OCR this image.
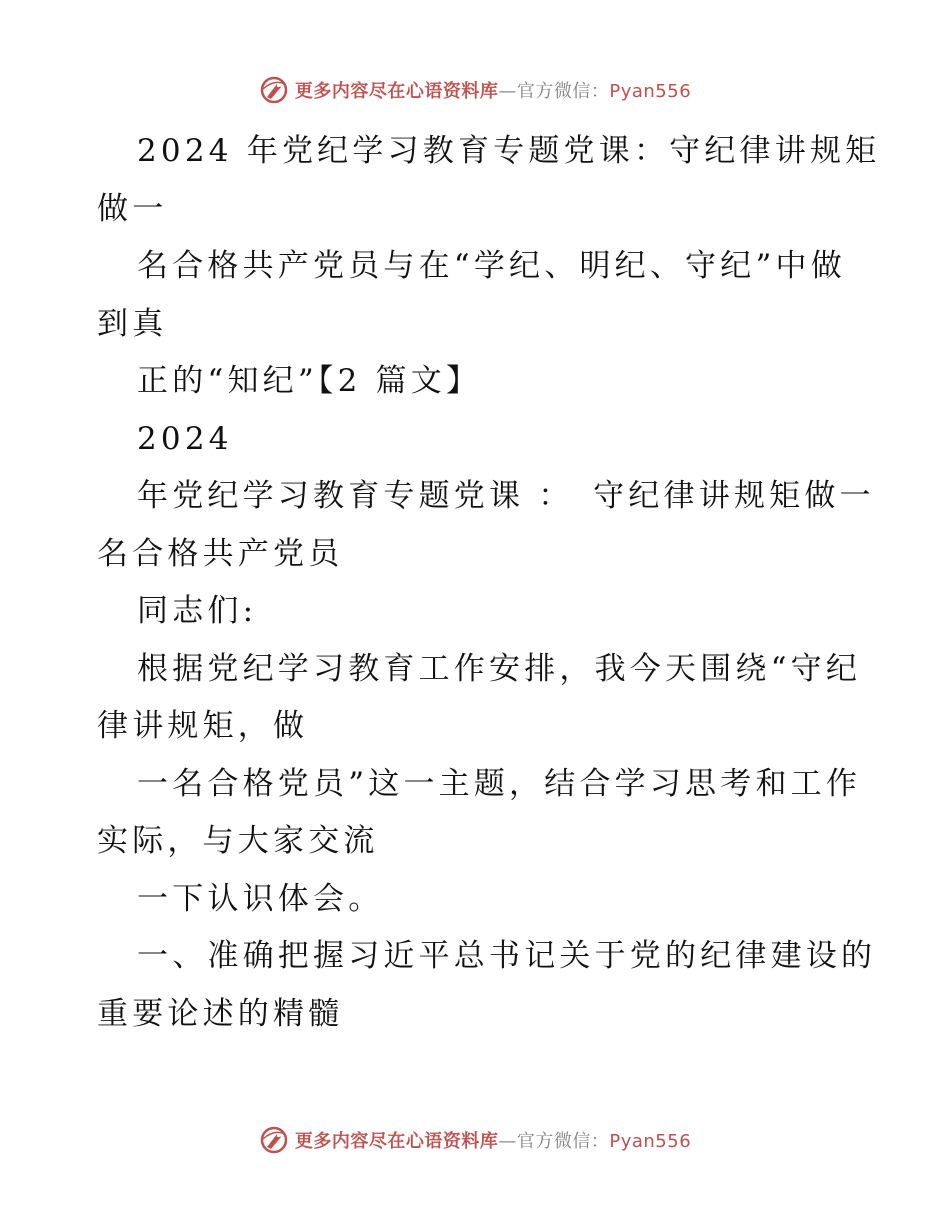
更多内容尽在心语资料库—官方微信：Pyan556
2024 年党纪学习教育专题党课：守纪律讲规矩
做一
名合格共产党员与在“学纪、明纪、守纪”中做
到真
正的“知纪”【2 篇文】
2024
年党纪学习教育专题党课 ：　守纪律讲规矩做一
名合格共产党员
同志们:
根据党纪学习教育工作安排，我今天围绕“守纪
律讲规矩，做
一名合格党员”这一主题，结合学习思考和工作
实际，与大家交流
一下认识体会。
一、准确把握习近平总书记关于党的纪律建设的
重要论述的精髓
更多内容尽在心语资料库—官方微信：Pyan556
